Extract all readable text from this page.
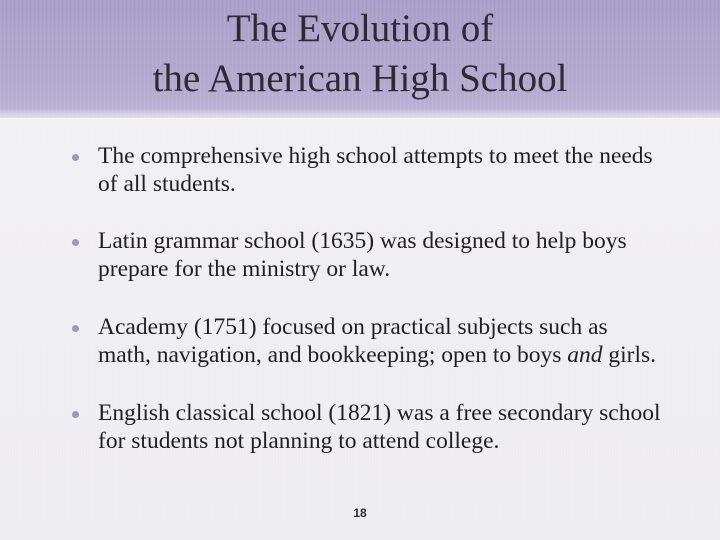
The Evolution of
the American High School
The comprehensive high school attempts to meet the needs of all students.
Latin grammar school (1635) was designed to help boys prepare for the ministry or law.
Academy (1751) focused on practical subjects such as math, navigation, and bookkeeping; open to boys and girls.
English classical school (1821) was a free secondary school for students not planning to attend college.
18
